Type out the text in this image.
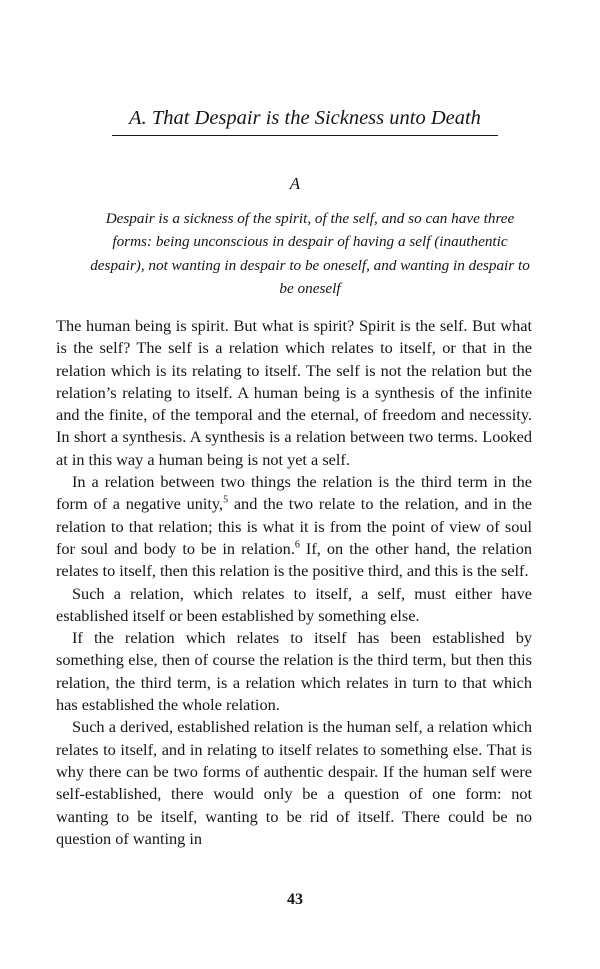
A. That Despair is the Sickness unto Death
A
Despair is a sickness of the spirit, of the self, and so can have three forms: being unconscious in despair of having a self (inauthentic despair), not wanting in despair to be oneself, and wanting in despair to be oneself

The human being is spirit. But what is spirit? Spirit is the self. But what is the self? The self is a relation which relates to itself, or that in the relation which is its relating to itself. The self is not the relation but the relation’s relating to itself. A human being is a synthesis of the infinite and the finite, of the temporal and the eternal, of freedom and necessity. In short a synthesis. A synthesis is a relation between two terms. Looked at in this way a human being is not yet a self.

In a relation between two things the relation is the third term in the form of a negative unity,$^5$ and the two relate to the relation, and in the relation to that relation; this is what it is from the point of view of soul for soul and body to be in relation.$^6$ If, on the other hand, the relation relates to itself, then this relation is the positive third, and this is the self.

Such a relation, which relates to itself, a self, must either have established itself or been established by something else.

If the relation which relates to itself has been established by something else, then of course the relation is the third term, but then this relation, the third term, is a relation which relates in turn to that which has established the whole relation.

Such a derived, established relation is the human self, a relation which relates to itself, and in relating to itself relates to something else. That is why there can be two forms of authentic despair. If the human self were self-established, there would only be a question of one form: not wanting to be itself, wanting to be rid of itself. There could be no question of wanting in

43
